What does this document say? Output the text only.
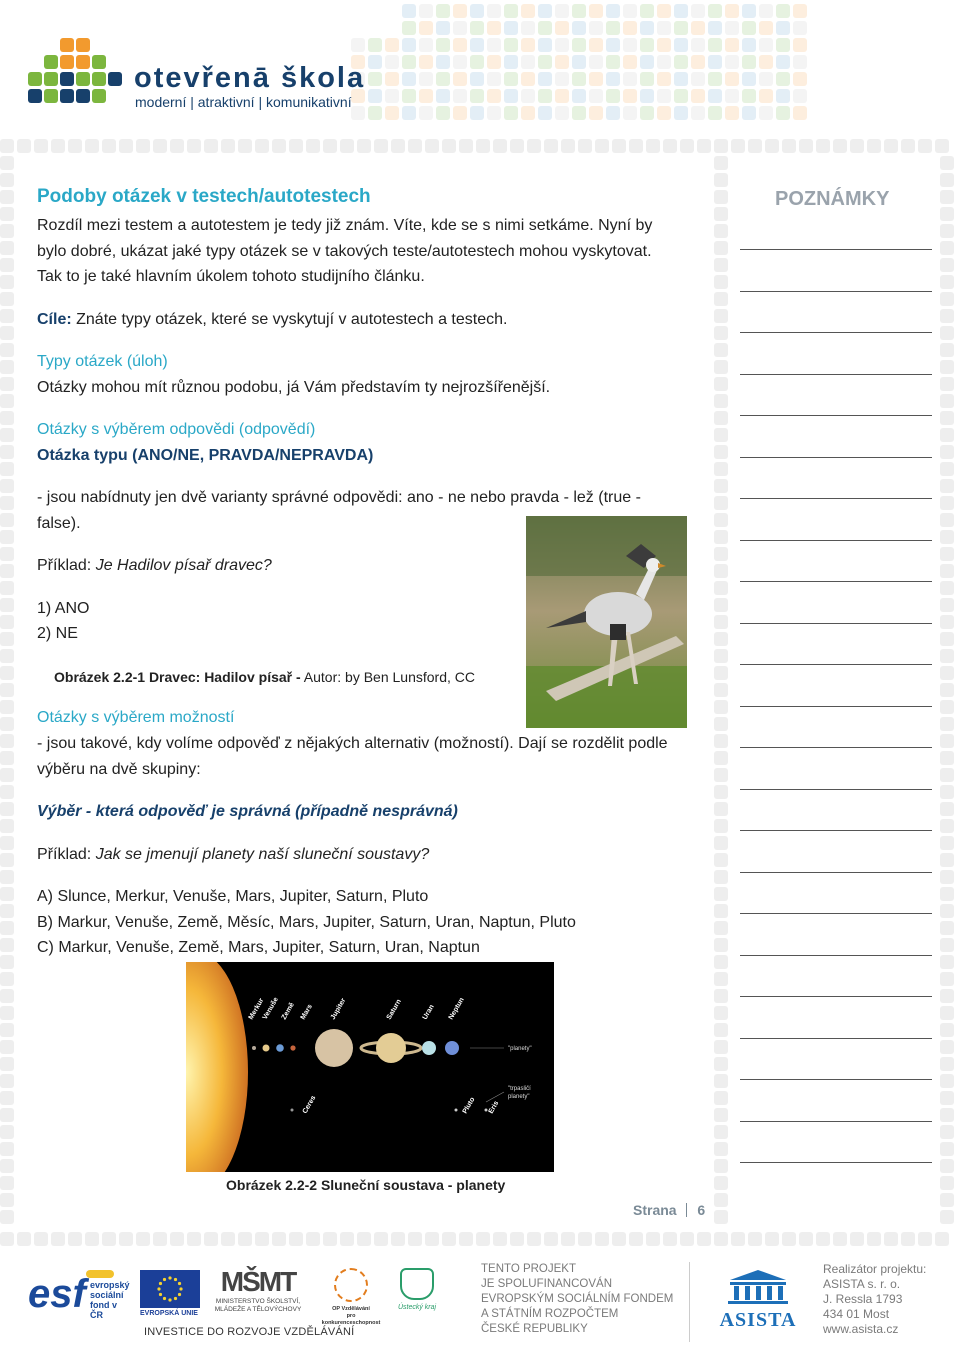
otevřenā škola
moderní | atraktivní | komunikativní
Podoby otázek v testech/autotestech
Rozdíl mezi testem a autotestem je tedy již znám. Víte, kde se s nimi setkáme. Nyní by
bylo dobré, ukázat jaké typy otázek se v takových teste/autotestech mohou vyskytovat.
Tak to je také hlavním úkolem tohoto studijního článku.
Cíle: Znáte typy otázek, které se vyskytují v autotestech a testech.
Typy otázek (úloh)
Otázky mohou mít různou podobu, já Vám představím ty nejrozšířenější.
Otázky s výběrem odpovědi (odpovědí)
Otázka typu (ANO/NE, PRAVDA/NEPRAVDA)
- jsou nabídnuty jen dvě varianty správné odpovědi: ano - ne nebo pravda - lež (true -
false).
Příklad: Je Hadilov písař dravec?
1) ANO
2) NE
Obrázek 2.2-1 Dravec: Hadilov písař - Autor: by Ben Lunsford, CC
Otázky s výběrem možností
- jsou takové, kdy volíme odpověď z nějakých alternativ (možností). Dají se rozdělit podle
výběru na dvě skupiny:
Výběr - která odpověď je správná (případně nesprávná)
Příklad: Jak se jmenují planety naší sluneční soustavy?
A) Slunce, Merkur, Venuše, Mars, Jupiter, Saturn, Pluto
B) Markur, Venuše, Země, Měsíc, Mars, Jupiter, Saturn, Uran, Naptun, Pluto
C) Markur, Venuše, Země, Mars, Jupiter, Saturn, Uran, Naptun
Merkur
Venuše Země Mars Jupiter	Saturn	Uran Neptun
Ceres	Pluto Eris
"planety"
"trpasličí
planety"
Obrázek 2.2-2 Sluneční soustava - planety
Strana 6
POZNÁMKY
esf evropský
sociální
fond v ČR	EVROPSKÁ UNIE
MŠMT
MINISTERSTVO ŠKOLSTVÍ,
MLÁDEŽE A TĚLOVÝCHOVY	OP Vzdělávání
pro konkurenceschopnost
Ústecký kraj
INVESTICE DO ROZVOJE VZDĚLÁVÁNÍ
TENTO PROJEKT
JE SPOLUFINANCOVÁN
EVROPSKÝM SOCIÁLNÍM FONDEM
A STÁTNÍM ROZPOČTEM
ČESKÉ REPUBLIKY	ASISTA
Realizátor projektu:
ASISTA s. r. o.
J. Ressla 1793
434 01 Most
www.asista.cz
